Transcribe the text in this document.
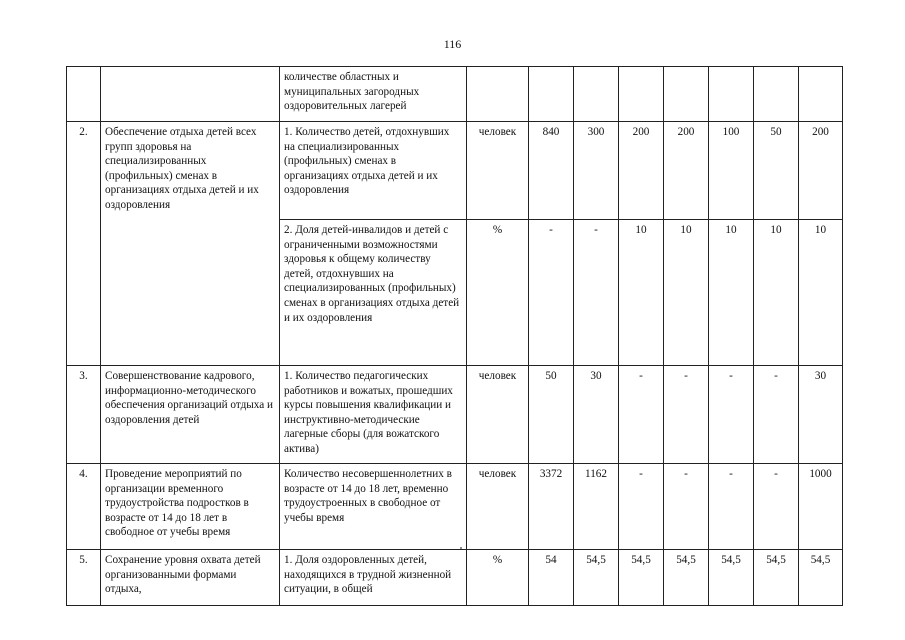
116
		количестве областных и муниципальных загородных оздоровительных лагерей								
2.	Обеспечение отдыха детей всех групп здоровья на специализированных (профильных) сменах в организациях отдыха детей и их оздоровления	1. Количество детей, отдохнувших на специализированных (профильных) сменах в организациях отдыха детей и их оздоровления	человек	840	300	200	200	100	50	200
		2. Доля детей-инвалидов и детей с ограниченными возможностями здоровья к общему количеству детей, отдохнувших на специализированных (профильных) сменах в организациях отдыха детей и их оздоровления	%	-	-	10	10	10	10	10
3.	Совершенствование кадрового, информационно-методического обеспечения организаций отдыха и оздоровления детей	1. Количество педагогических работников и вожатых, прошедших курсы повышения квалификации и инструктивно-методические лагерные сборы (для вожатского актива)	человек	50	30	-	-	-	-	30
4.	Проведение мероприятий по организации временного трудоустройства подростков в возрасте от 14 до 18 лет в свободное от учебы время	Количество несовершеннолетних в возрасте от 14 до 18 лет, временно трудоустроенных в свободное от учебы время	человек	3372	1162	-	-	-	-	1000
5.	Сохранение уровня охвата детей организованными формами отдыха,	1. Доля оздоровленных детей, находящихся в трудной жизненной ситуации, в общей	%	54	54,5	54,5	54,5	54,5	54,5	54,5
